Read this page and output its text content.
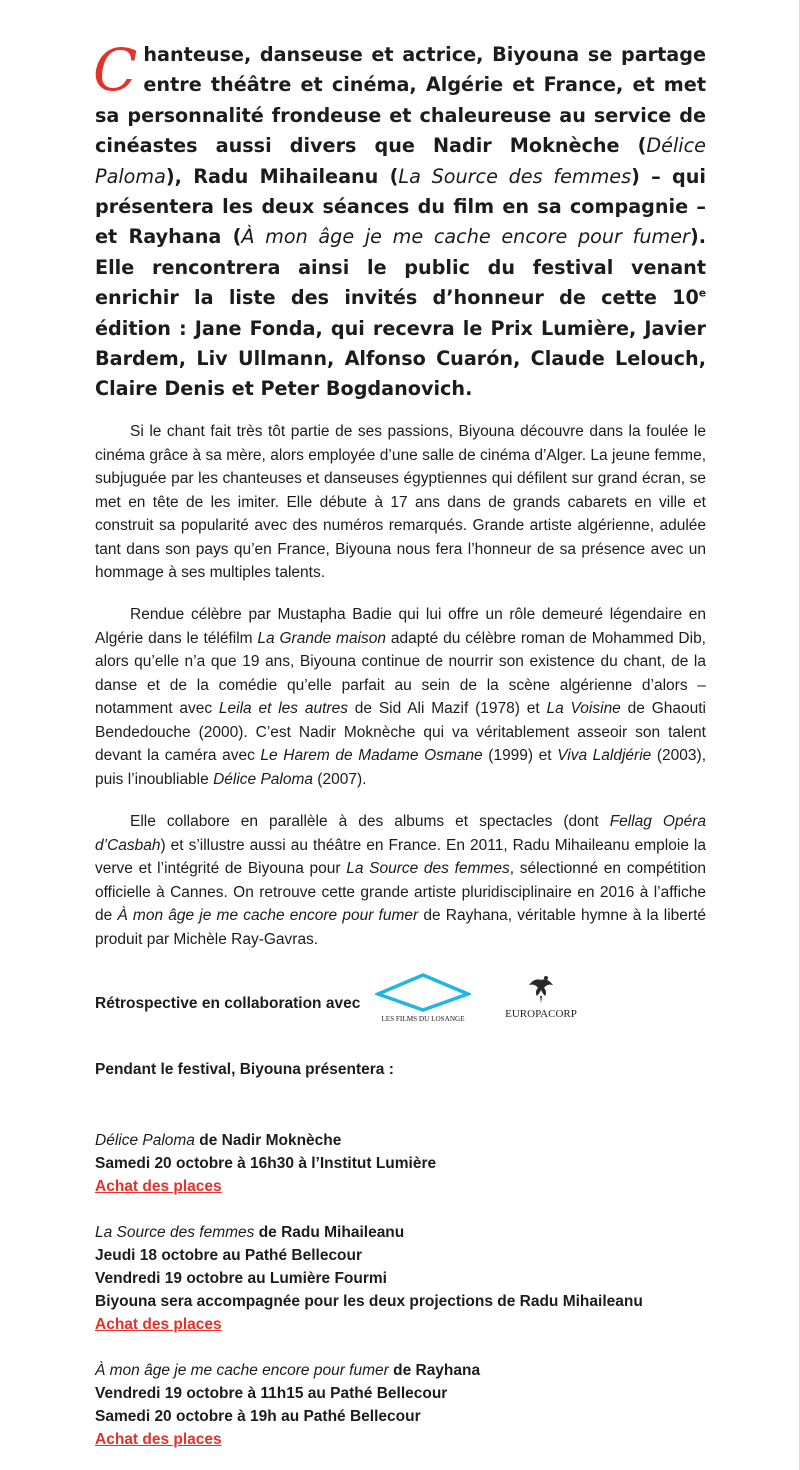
Chanteuse, danseuse et actrice, Biyouna se partage entre théâtre et cinéma, Algérie et France, et met sa personnalité frondeuse et chaleureuse au service de cinéastes aussi divers que Nadir Moknèche (Délice Paloma), Radu Mihaileanu (La Source des femmes) – qui présentera les deux séances du film en sa compagnie – et Rayhana (À mon âge je me cache encore pour fumer). Elle rencontrera ainsi le public du festival venant enrichir la liste des invités d’honneur de cette 10e édition : Jane Fonda, qui recevra le Prix Lumière, Javier Bardem, Liv Ullmann, Alfonso Cuarón, Claude Lelouch, Claire Denis et Peter Bogdanovich.

Si le chant fait très tôt partie de ses passions, Biyouna découvre dans la foulée le cinéma grâce à sa mère, alors employée d’une salle de cinéma d’Alger. La jeune femme, subjuguée par les chanteuses et danseuses égyptiennes qui défilent sur grand écran, se met en tête de les imiter. Elle débute à 17 ans dans de grands cabarets en ville et construit sa popularité avec des numéros remarqués. Grande artiste algérienne, adulée tant dans son pays qu’en France, Biyouna nous fera l’honneur de sa présence avec un hommage à ses multiples talents.

Rendue célèbre par Mustapha Badie qui lui offre un rôle demeuré légendaire en Algérie dans le téléfilm La Grande maison adapté du célèbre roman de Mohammed Dib, alors qu’elle n’a que 19 ans, Biyouna continue de nourrir son existence du chant, de la danse et de la comédie qu’elle parfait au sein de la scène algérienne d’alors – notamment avec Leila et les autres de Sid Ali Mazif (1978) et La Voisine de Ghaouti Bendedouche (2000). C’est Nadir Moknèche qui va véritablement asseoir son talent devant la caméra avec Le Harem de Madame Osmane (1999) et Viva Laldjérie (2003), puis l’inoubliable Délice Paloma (2007).

Elle collabore en parallèle à des albums et spectacles (dont Fellag Opéra d’Casbah) et s’illustre aussi au théâtre en France. En 2011, Radu Mihaileanu emploie la verve et l’intégrité de Biyouna pour La Source des femmes, sélectionné en compétition officielle à Cannes. On retrouve cette grande artiste pluridisciplinaire en 2016 à l’affiche de À mon âge je me cache encore pour fumer de Rayhana, véritable hymne à la liberté produit par Michèle Ray-Gavras.

Rétrospective en collaboration avec
LES FILMS DU LOSANGE	EUROPACORP
Pendant le festival, Biyouna présentera :
Délice Paloma de Nadir Moknèche
Samedi 20 octobre à 16h30 à l’Institut Lumière
Achat des places
La Source des femmes de Radu Mihaileanu
Jeudi 18 octobre au Pathé Bellecour
Vendredi 19 octobre au Lumière Fourmi
Biyouna sera accompagnée pour les deux projections de Radu Mihaileanu
Achat des places
À mon âge je me cache encore pour fumer de Rayhana
Vendredi 19 octobre à 11h15 au Pathé Bellecour
Samedi 20 octobre à 19h au Pathé Bellecour
Achat des places
